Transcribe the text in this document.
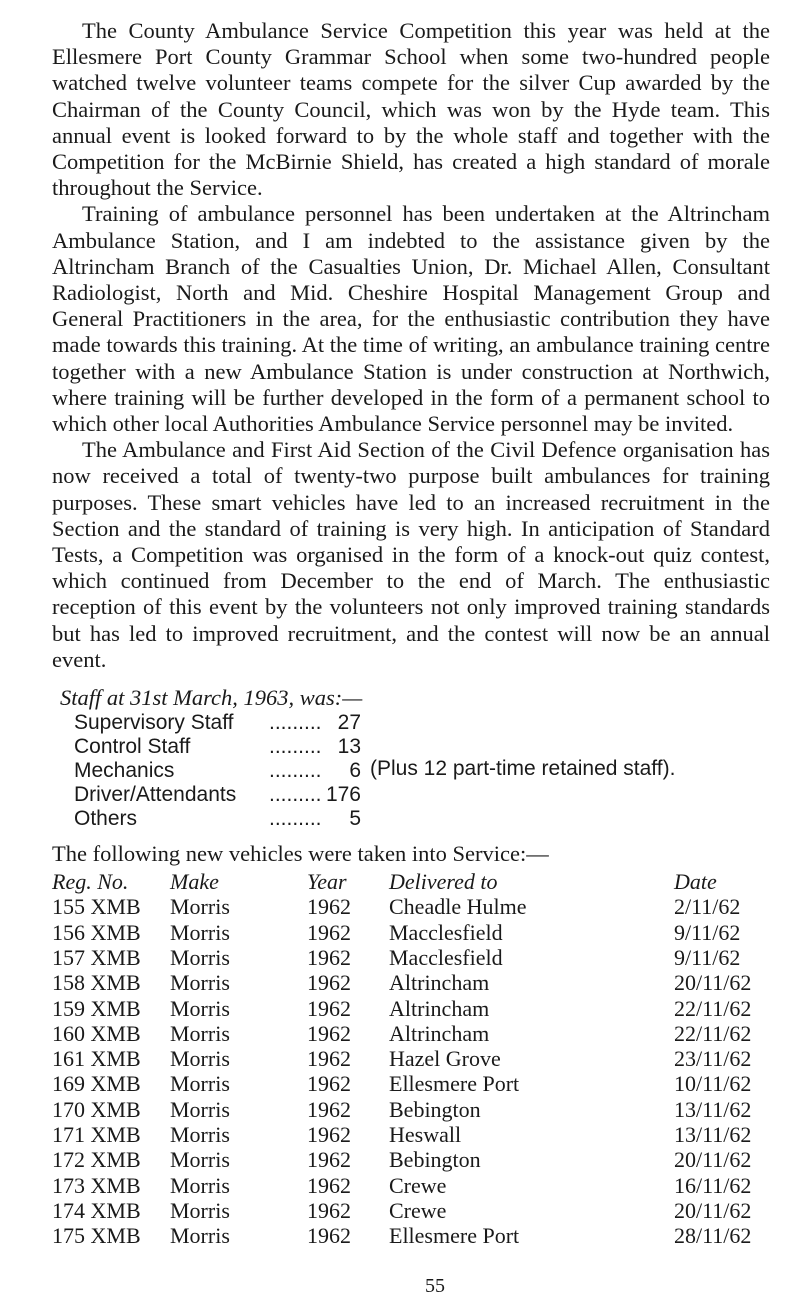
The County Ambulance Service Competition this year was held at the Ellesmere Port County Grammar School when some two-hundred people watched twelve volunteer teams compete for the silver Cup awarded by the Chairman of the County Council, which was won by the Hyde team. This annual event is looked forward to by the whole staff and together with the Competition for the McBirnie Shield, has created a high standard of morale throughout the Service.

Training of ambulance personnel has been undertaken at the Altrincham Ambulance Station, and I am indebted to the assistance given by the Altrincham Branch of the Casualties Union, Dr. Michael Allen, Consultant Radiologist, North and Mid. Cheshire Hospital Management Group and General Practitioners in the area, for the enthusiastic contribution they have made towards this training. At the time of writing, an ambulance training centre together with a new Ambulance Station is under construction at Northwich, where training will be further developed in the form of a permanent school to which other local Authorities Ambulance Service personnel may be invited.

The Ambulance and First Aid Section of the Civil Defence organisation has now received a total of twenty-two purpose built ambulances for training purposes. These smart vehicles have led to an increased recruitment in the Section and the standard of training is very high. In anticipation of Standard Tests, a Competition was organised in the form of a knock-out quiz contest, which continued from December to the end of March. The enthusiastic reception of this event by the volunteers not only improved training standards but has led to improved recruitment, and the contest will now be an annual event.

Staff at 31st March, 1963, was:—
Supervisory Staff	......... 27
Control Staff	......... 13
Mechanics	.........	6
Driver/Attendants	......... 176
Others	.........	5
(Plus 12 part-time retained staff).
The following new vehicles were taken into Service:—
Reg. No.	Make	Year	Delivered to	Date
155 XMB	Morris	1962	Cheadle Hulme	2/11/62
156 XMB	Morris	1962	Macclesfield	9/11/62
157 XMB	Morris	1962	Macclesfield	9/11/62
158 XMB	Morris	1962	Altrincham	20/11/62
159 XMB	Morris	1962	Altrincham	22/11/62
160 XMB	Morris	1962	Altrincham	22/11/62
161 XMB	Morris	1962	Hazel Grove	23/11/62
169 XMB	Morris	1962	Ellesmere Port	10/11/62
170 XMB	Morris	1962	Bebington	13/11/62
171 XMB	Morris	1962	Heswall	13/11/62
172 XMB	Morris	1962	Bebington	20/11/62
173 XMB	Morris	1962	Crewe	16/11/62
174 XMB	Morris	1962	Crewe	20/11/62
175 XMB	Morris	1962	Ellesmere Port	28/11/62
55
